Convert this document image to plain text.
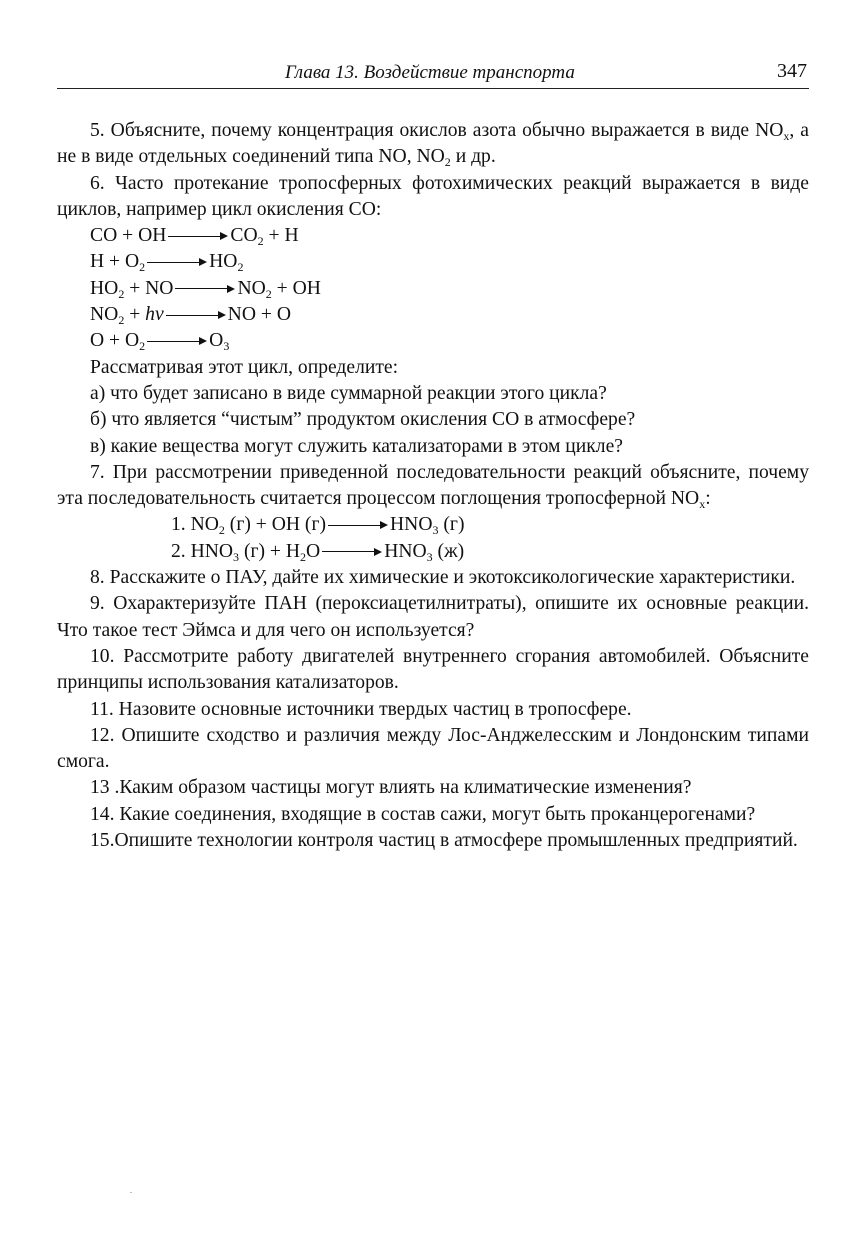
Глава 13. Воздействие транспорта	347

5. Объясните, почему концентрация окислов азота обычно выражается в виде $NO_x$, а не в виде отдельных соединений типа NO, $NO_2$ и др.

6. Часто протекание тропосферных фотохимических реакций выражается в виде циклов, например цикл окисления CO:

CO + OH	$CO_2 + H$

$H + O_2$	$HO_2$

$HO_2$ + NO	$NO_2$ + OH

$NO_2$ + hv	NO + O

$O + O_2$	$O_3$

Рассматривая этот цикл, определите:

а) что будет записано в виде суммарной реакции этого цикла?

б) что является “чистым” продуктом окисления CO в атмосфере?

в) какие вещества могут служить катализаторами в этом цикле?

7. При рассмотрении приведенной последовательности реакций объясните, почему эта последовательность считается процессом поглощения тропосферной $NO_x$:

1. $NO_2$ (г) + OH (г)	$HNO_3$ (г)

2. $HNO_3$ $(г) + H_2O$	$HNO_3$ (ж)

8. Расскажите о ПАУ, дайте их химические и экотоксикологические характеристики.

9. Охарактеризуйте ПАН (пероксиацетилнитраты), опишите их основные реакции. Что такое тест Эймса и для чего он используется?

10. Рассмотрите работу двигателей внутреннего сгорания автомобилей. Объясните принципы использования катализаторов.

11. Назовите основные источники твердых частиц в тропосфере.

12. Опишите сходство и различия между Лос-Анджелесским и Лондонским типами смога.

13 .Каким образом частицы могут влиять на климатические изменения?

14. Какие соединения, входящие в состав сажи, могут быть проканцерогенами?

15.Опишите технологии контроля частиц в атмосфере промышленных предприятий.
